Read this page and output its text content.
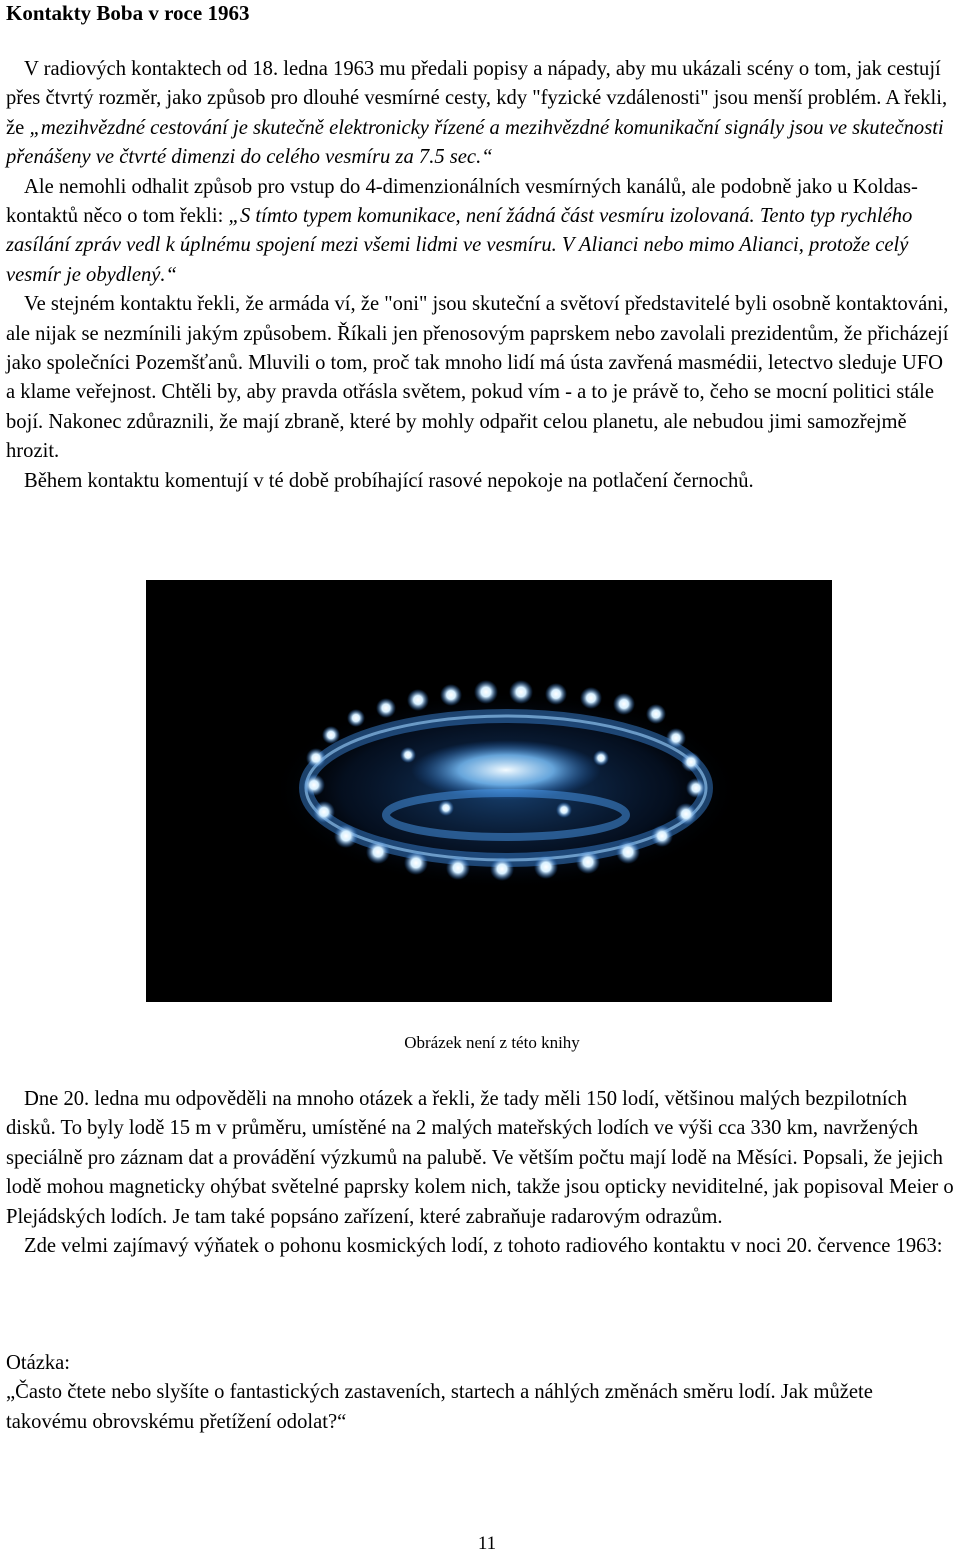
Kontakty Boba v roce 1963

V radiových kontaktech od 18. ledna 1963 mu předali popisy a nápady, aby mu ukázali scény o tom, jak cestují přes čtvrtý rozměr, jako způsob pro dlouhé vesmírné cesty, kdy "fyzické vzdálenosti" jsou menší problém. A řekli, že „mezihvězdné cestování je skutečně elektronicky řízené a mezihvězdné komunikační signály jsou ve skutečnosti přenášeny ve čtvrté dimenzi do celého vesmíru za 7.5 sec.“

Ale nemohli odhalit způsob pro vstup do 4-dimenzionálních vesmírných kanálů, ale podobně jako u Koldas-kontaktů něco o tom řekli: „S tímto typem komunikace, není žádná část vesmíru izolovaná. Tento typ rychlého zasílání zpráv vedl k úplnému spojení mezi všemi lidmi ve vesmíru. V Alianci nebo mimo Alianci, protože celý vesmír je obydlený.“

Ve stejném kontaktu řekli, že armáda ví, že "oni" jsou skuteční a světoví představitelé byli osobně kontaktováni, ale nijak se nezmínili jakým způsobem. Říkali jen přenosovým paprskem nebo zavolali prezidentům, že přicházejí jako společníci Pozemšťanů. Mluvili o tom, proč tak mnoho lidí má ústa zavřená masmédii, letectvo sleduje UFO a klame veřejnost. Chtěli by, aby pravda otřásla světem, pokud vím - a to je právě to, čeho se mocní politici stále bojí. Nakonec zdůraznili, že mají zbraně, které by mohly odpařit celou planetu, ale nebudou jimi samozřejmě hrozit.

Během kontaktu komentují v té době probíhající rasové nepokoje na potlačení černochů.

Obrázek není z této knihy

Dne 20. ledna mu odpověděli na mnoho otázek a řekli, že tady měli 150 lodí, většinou malých bezpilotních disků. To byly lodě 15 m v průměru, umístěné na 2 malých mateřských lodích ve výši cca 330 km, navržených speciálně pro záznam dat a provádění výzkumů na palubě. Ve větším počtu mají lodě na Měsíci. Popsali, že jejich lodě mohou magneticky ohýbat světelné paprsky kolem nich, takže jsou opticky neviditelné, jak popisoval Meier o Plejádských lodích. Je tam také popsáno zařízení, které zabraňuje radarovým odrazům.

Zde velmi zajímavý výňatek o pohonu kosmických lodí, z tohoto radiového kontaktu v noci 20. července 1963:

Otázka:

„Často čtete nebo slyšíte o fantastických zastaveních, startech a náhlých změnách směru lodí. Jak můžete takovému obrovskému přetížení odolat?“

11
